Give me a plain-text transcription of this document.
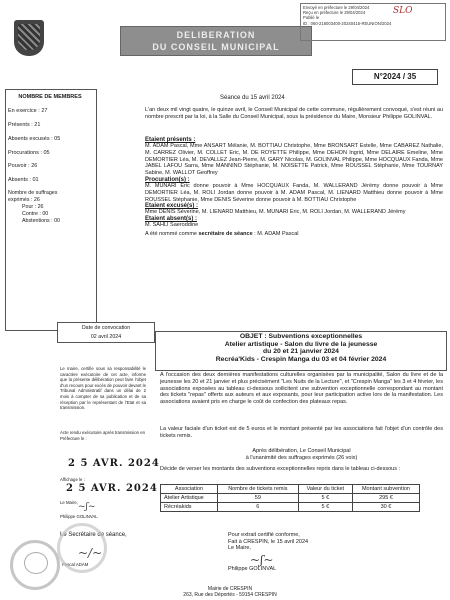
DELIBERATION
DU CONSEIL MUNICIPAL
Envoyé en préfecture le 29/04/2024
Reçu en préfecture le 29/04/2024
Publié le
ID : 060-216003400-20240415-REUNION/2024
SLO
N°2024 / 35
NOMBRE DE MEMBRES
En exercice : 27
Présents : 21
Absents excusés : 05
Procurations : 05
Pouvoir : 26
Absents : 01
Nombre de suffrages
exprimés : 26
Pour : 26
Contre : 00
Abstentions : 00
Date de convocation
02 avril 2024
Le maire, certifie sous sa responsabilité le caractère exécutoire de cet acte, informe que la présente délibération peut faire l'objet d'un recours pour excès de pouvoir devant le Tribunal Administratif dans un délai de 2 mois à compter de sa publication et de sa réception par le représentant de l'Etat et sa transmission.
Acte rendu exécutoire après transmission en Préfecture le :
2 5 AVR. 2024
Affichage le :
2 5 AVR. 2024
Le Maire, ~ʃ~
Philippe GOLINVAL
Le Secrétaire de séance,
~/~
Pascal ADAM
Séance du 15 avril 2024
L'an deux mil vingt quatre, le quinze avril, le Conseil Municipal de cette commune, régulièrement convoqué, s'est réuni au nombre prescrit par la loi, à la Salle du Conseil Municipal, sous la présidence du Maire, Monsieur Philippe GOLINVAL.
Etaient présents :
M. ADAM Pascal, Mme ANSART Mélanie, M. BOTTIAU Christophe, Mme BRONSART Estelle, Mme CABAREZ Nathalie, M. CARREZ Olivier, M. COLLET Eric, M. DE ROYETTE Philippe, Mme DEHON Ingrid, Mme DELAIRE Emeline, Mme DEMORTIER Léa, M. DEVALLEZ Jean-Pierre, M. GARY Nicolas, M. GOLINVAL Philippe, Mme HOCQUAUX Fanda, Mme JABEL LAFOU Sarra, Mme MANNINO Stéphanie, M. NOISETTE Patrick, Mme ROUSSEL Stéphanie, Mme TOURNAY Sabine, M. WALLOT Geoffrey
Procuration(s) :
M. MUNARI Eric donne pouvoir à Mme HOCQUAUX Fanda, M. WALLERAND Jérémy donne pouvoir à Mme DEMORTIER Léa, M. ROLI Jordan donne pouvoir à M. ADAM Pascal, M. LIENARD Matthieu donne pouvoir à Mme ROUSSEL Stéphanie, Mme DENIS Séverine donne pouvoir à M. BOTTIAU Christophe
Etaient excusé(s) :
Mme DENIS Séverine, M. LIENARD Matthieu, M. MUNARI Eric, M. ROLI Jordan, M. WALLERAND Jérémy
Etaient absent(s) :
M. SAHLI Saeroddine
A été nommé comme secrétaire de séance : M. ADAM Pascal
OBJET : Subventions exceptionnelles
Atelier artistique - Salon du livre de la jeunesse
du 20 et 21 janvier 2024
Recréa'Kids - Crespin Manga du 03 et 04 février 2024
A l'occasion des deux dernières manifestations culturelles organisées par la municipalité, Salon du livre et de la jeunesse les 20 et 21 janvier et plus précisément "Les Nuits de la Lecture", et "Crespin Manga" les 3 et 4 février, les associations exposées au tableau ci-dessous sollicitent une subvention exceptionnelle correspondant au montant des tickets "repas" offerts aux auteurs et aux exposants, pour leur participation active lors de la manifestation. Les associations avaient pris en charge le coût de confection des plateaux repas.
La valeur faciale d'un ticket est de 5 euros et le montant présenté par les associations fait l'objet d'un contrôle des tickets remis.
Après délibération, Le Conseil Municipal
à l'unanimité des suffrages exprimés (26 voix)
Décide de verser les montants des subventions exceptionnelles repris dans le tableau ci-dessous :
Association	Nombre de tickets remis	Valeur du ticket	Montant subvention
Atelier Artistique	59	5 €	295 €
Récréakids	6	5 €	30 €
Pour extrait certifié conforme,
Fait à CRESPIN, le 15 avril 2024
Le Maire,
~ʃ~
Philippe GOLINVAL
Mairie de CRESPIN
263, Rue des Déportés - 59154 CRESPIN
